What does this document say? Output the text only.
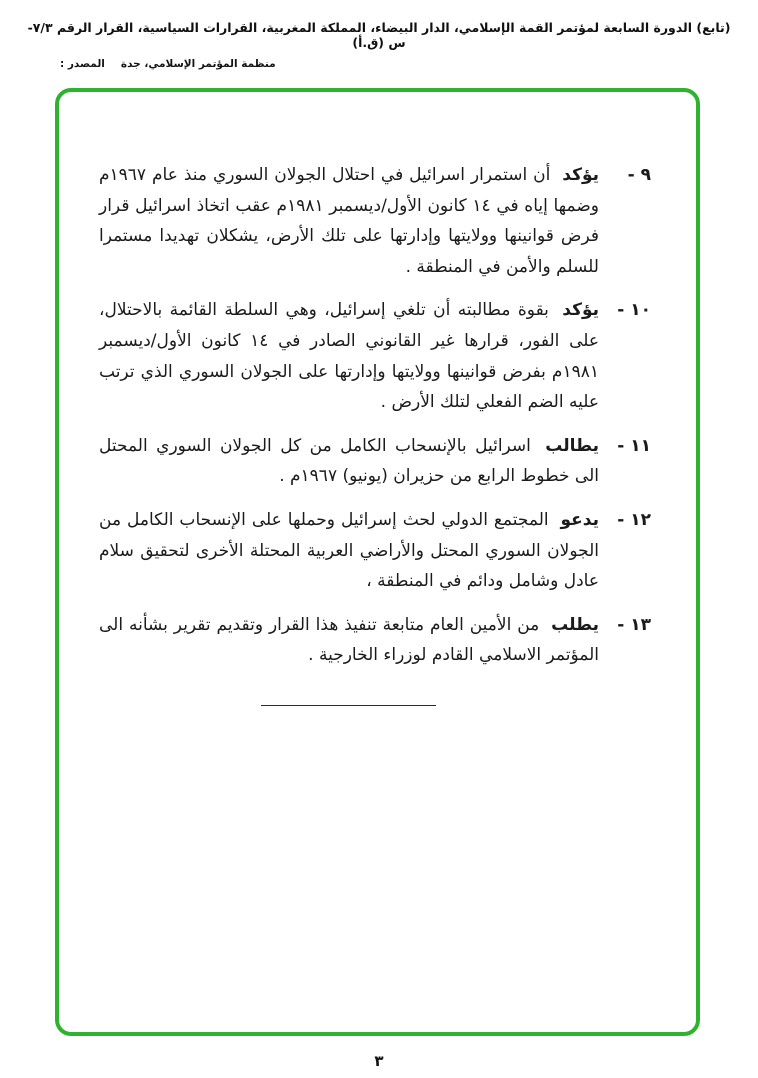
(تابع) الدورة السابعة لمؤتمر القمة الإسلامي، الدار البيضاء، المملكة المغربية، القرارات السياسية، القرار الرقم ٧/٣-س (ق.أ)
المصدر : منظمة المؤتمر الإسلامي، جدة
٩ -
يؤكد أن استمرار اسرائيل في احتلال الجولان السوري منذ عام ١٩٦٧م وضمها إياه في ١٤ كانون الأول/ديسمبر ١٩٨١م عقب اتخاذ اسرائيل قرار فرض قوانينها وولايتها وإدارتها على تلك الأرض، يشكلان تهديدا مستمرا للسلم والأمن في المنطقة .
١٠ -
يؤكد بقوة مطالبته أن تلغي إسرائيل، وهي السلطة القائمة بالاحتلال، على الفور، قرارها غير القانوني الصادر في ١٤ كانون الأول/ديسمبر ١٩٨١م بفرض قوانينها وولايتها وإدارتها على الجولان السوري الذي ترتب عليه الضم الفعلي لتلك الأرض .
١١ -
يطالب اسرائيل بالإنسحاب الكامل من كل الجولان السوري المحتل الى خطوط الرابع من حزيران (يونيو) ١٩٦٧م .
١٢ -
يدعو المجتمع الدولي لحث إسرائيل وحملها على الإنسحاب الكامل من الجولان السوري المحتل والأراضي العربية المحتلة الأخرى لتحقيق سلام عادل وشامل ودائم في المنطقة ،
١٣ -
يطلب من الأمين العام متابعة تنفيذ هذا القرار وتقديم تقرير بشأنه الى المؤتمر الاسلامي القادم لوزراء الخارجية .
٣
